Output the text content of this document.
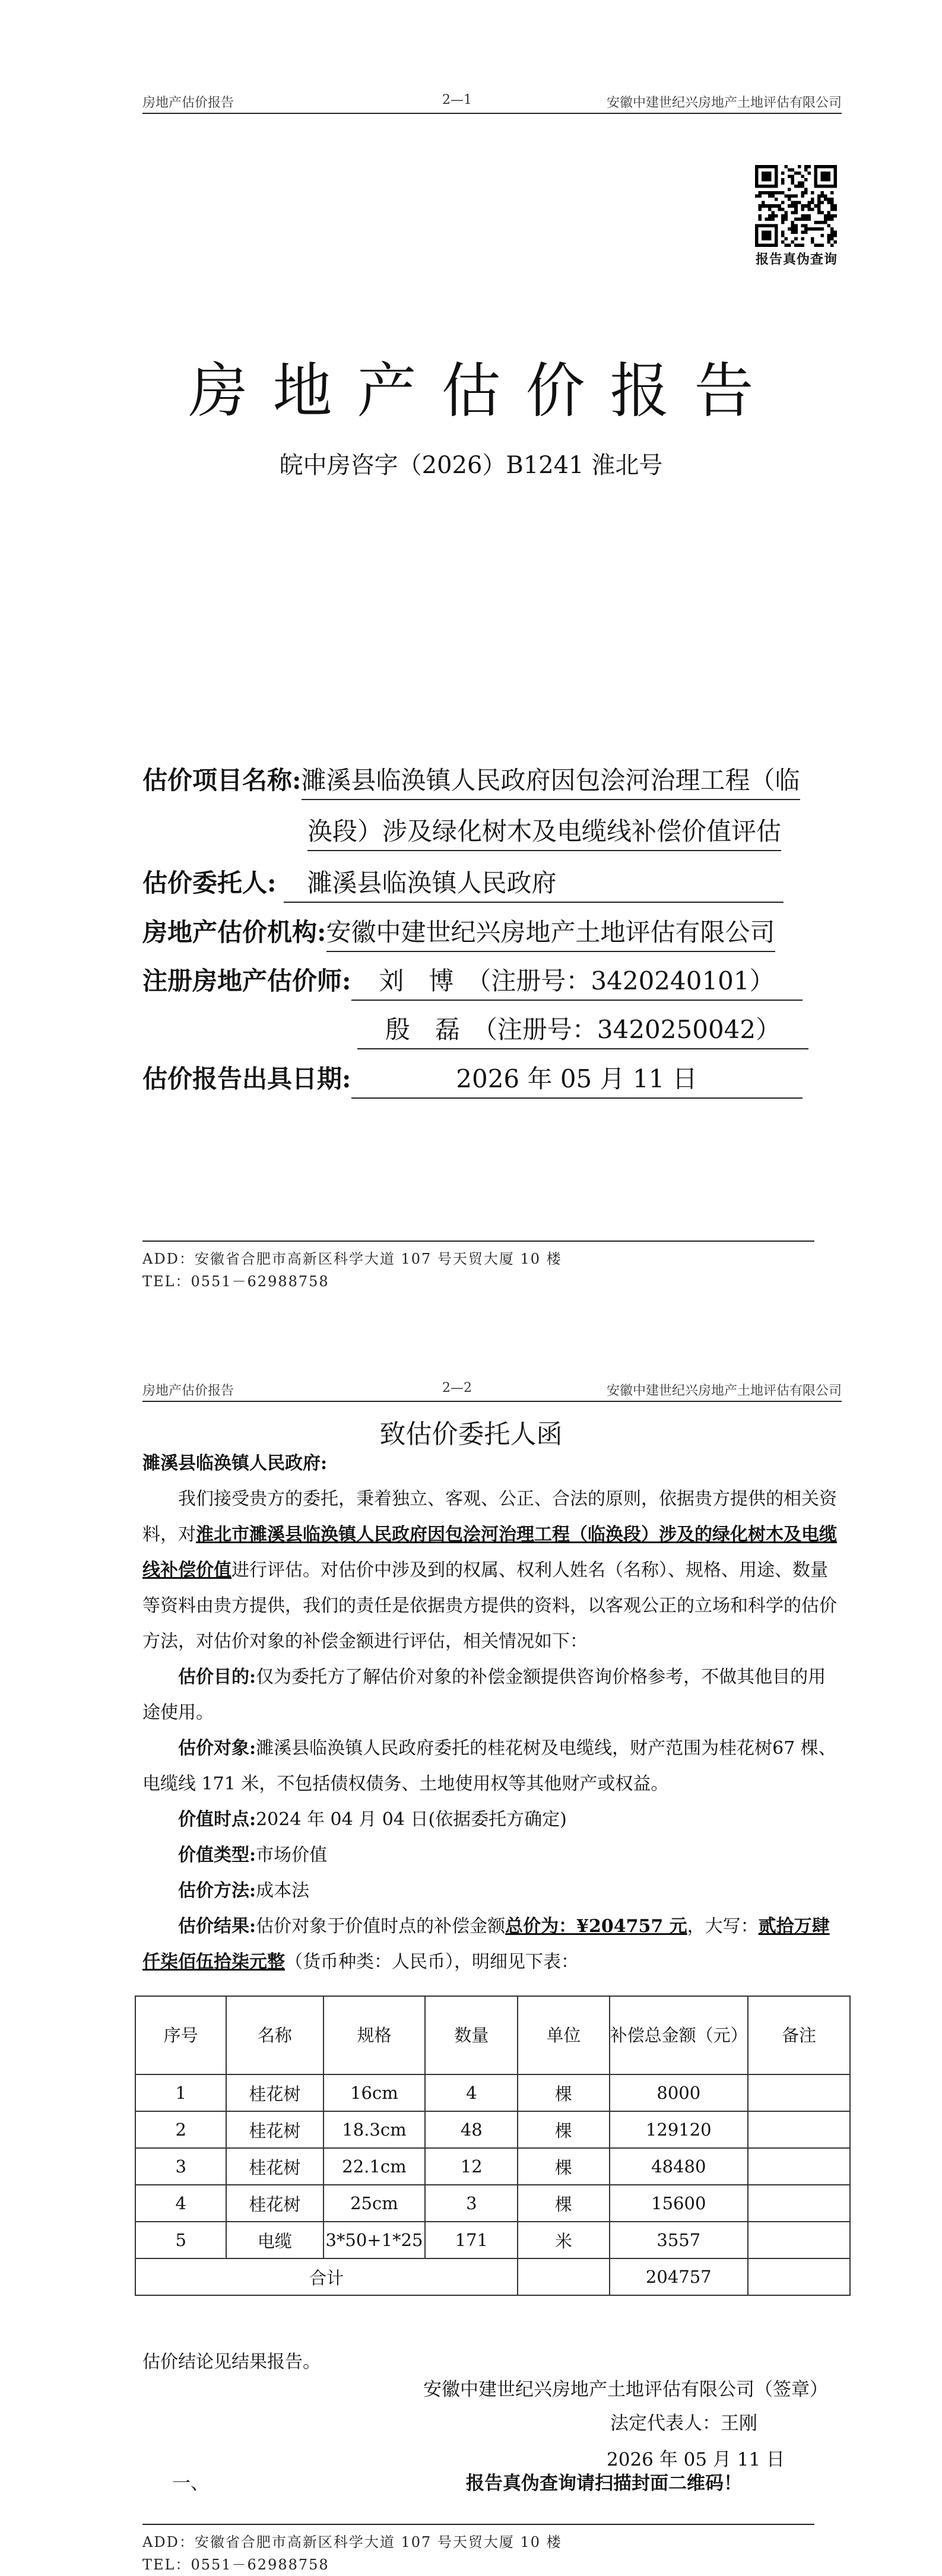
房地产估价报告	2—1	安徽中建世纪兴房地产土地评估有限公司
报告真伪查询
房地产估价报告
皖中房咨字（2026）B1241 淮北号
估价项目名称:濉溪县临涣镇人民政府因包浍河治理工程（临
涣段）涉及绿化树木及电缆线补偿价值评估
估价委托人: 濉溪县临涣镇人民政府
房地产估价机构:安徽中建世纪兴房地产土地评估有限公司
注册房地产估价师: 刘　博　（注册号：3420240101）
殷　磊　（注册号：3420250042）
估价报告出具日期:	2026 年 05 月 11 日
ADD：安徽省合肥市高新区科学大道 107 号天贸大厦 10 楼
TEL：0551－62988758
房地产估价报告	2—2	安徽中建世纪兴房地产土地评估有限公司
致估价委托人函

濉溪县临涣镇人民政府:

我们接受贵方的委托，秉着独立、客观、公正、合法的原则，依据贵方提供的相关资料，对淮北市濉溪县临涣镇人民政府因包浍河治理工程（临涣段）涉及的绿化树木及电缆线补偿价值进行评估。对估价中涉及到的权属、权利人姓名（名称）、规格、用途、数量等资料由贵方提供，我们的责任是依据贵方提供的资料，以客观公正的立场和科学的估价方法，对估价对象的补偿金额进行评估，相关情况如下：

估价目的:仅为委托方了解估价对象的补偿金额提供咨询价格参考，不做其他目的用途使用。

估价对象:濉溪县临涣镇人民政府委托的桂花树及电缆线，财产范围为桂花树67 棵、电缆线 171 米，不包括债权债务、土地使用权等其他财产或权益。

价值时点:2024 年 04 月 04 日(依据委托方确定)

价值类型:市场价值

估价方法:成本法

估价结果:估价对象于价值时点的补偿金额总价为：¥204757 元，大写：贰拾万肆仟柒佰伍拾柒元整（货币种类：人民币），明细见下表：

序号	名称	规格	数量	单位	补偿总金额（元）	备注
1	桂花树	16cm	4	棵	8000	
2	桂花树	18.3cm	48	棵	129120	
3	桂花树	22.1cm	12	棵	48480	
4	桂花树	25cm	3	棵	15600	
5	电缆	3*50+1*25	171	米	3557	
合计					204757	
估价结论见结果报告。
安徽中建世纪兴房地产土地评估有限公司（签章）
法定代表人：王刚
2026 年 05 月 11 日
一、	报告真伪查询请扫描封面二维码！
ADD：安徽省合肥市高新区科学大道 107 号天贸大厦 10 楼
TEL：0551－62988758
